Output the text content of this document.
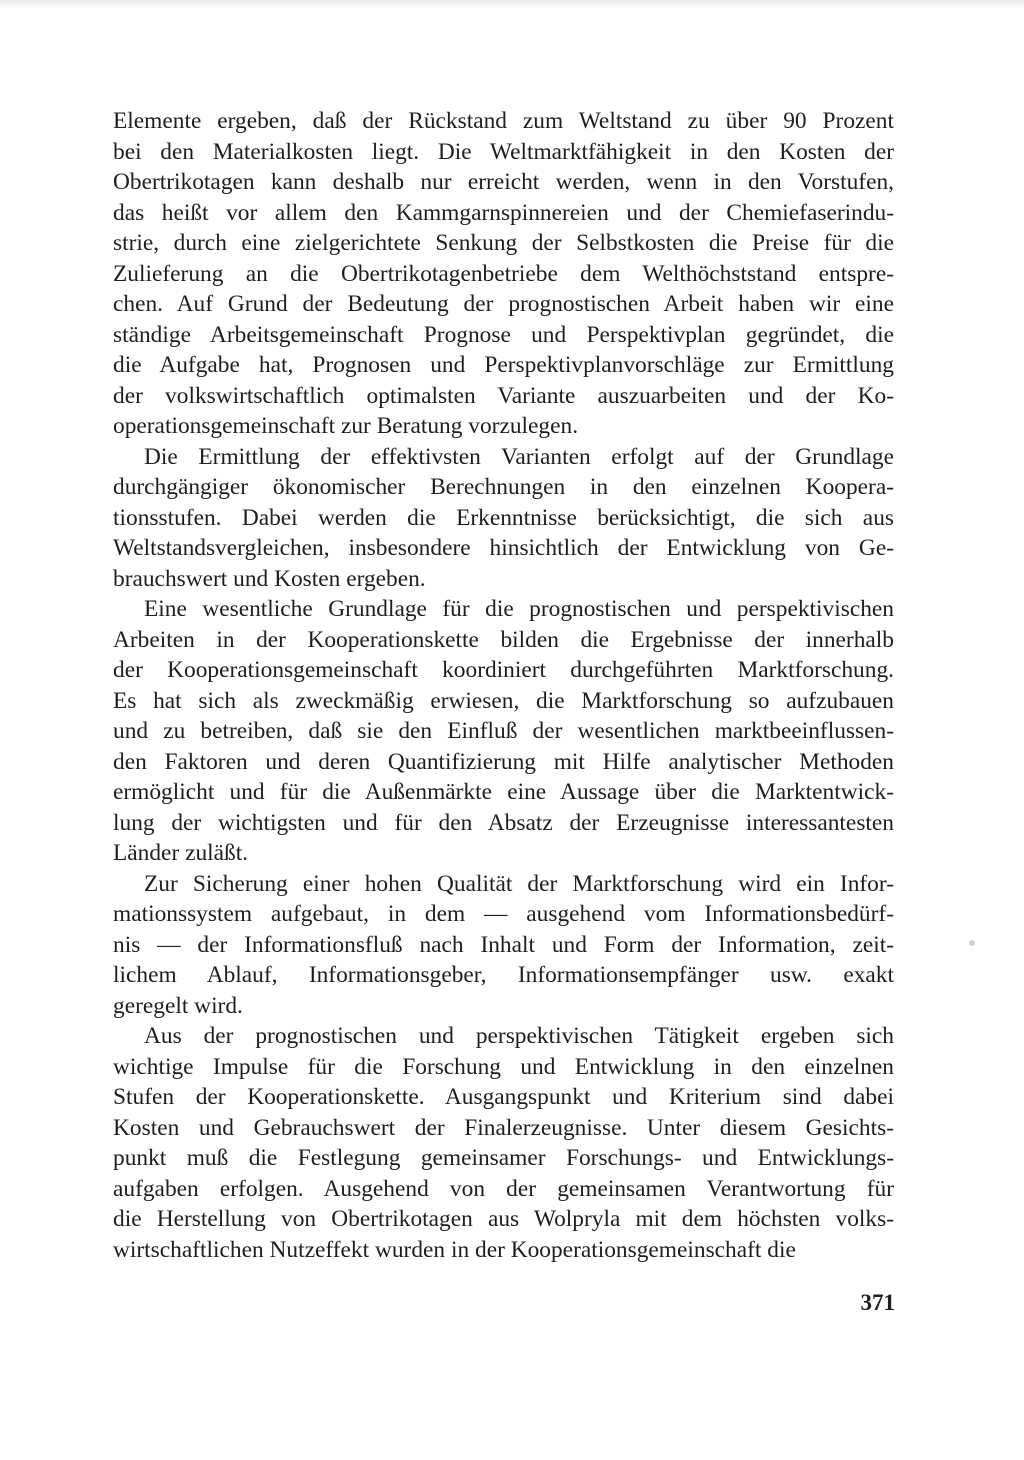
Elemente ergeben, daß der Rückstand zum Weltstand zu über 90 Prozent
bei den Materialkosten liegt. Die Weltmarktfähigkeit in den Kosten der
Obertrikotagen kann deshalb nur erreicht werden, wenn in den Vorstufen,
das heißt vor allem den Kammgarnspinnereien und der Chemiefaserindu-
strie, durch eine zielgerichtete Senkung der Selbstkosten die Preise für die
Zulieferung an die Obertrikotagenbetriebe dem Welthöchststand entspre-
chen. Auf Grund der Bedeutung der prognostischen Arbeit haben wir eine
ständige Arbeitsgemeinschaft Prognose und Perspektivplan gegründet, die
die Aufgabe hat, Prognosen und Perspektivplanvorschläge zur Ermittlung
der volkswirtschaftlich optimalsten Variante auszuarbeiten und der Ko-
operationsgemeinschaft zur Beratung vorzulegen.
Die Ermittlung der effektivsten Varianten erfolgt auf der Grundlage
durchgängiger ökonomischer Berechnungen in den einzelnen Koopera-
tionsstufen. Dabei werden die Erkenntnisse berücksichtigt, die sich aus
Weltstandsvergleichen, insbesondere hinsichtlich der Entwicklung von Ge-
brauchswert und Kosten ergeben.
Eine wesentliche Grundlage für die prognostischen und perspektivischen
Arbeiten in der Kooperationskette bilden die Ergebnisse der innerhalb
der Kooperationsgemeinschaft koordiniert durchgeführten Marktforschung.
Es hat sich als zweckmäßig erwiesen, die Marktforschung so aufzubauen
und zu betreiben, daß sie den Einfluß der wesentlichen marktbeeinflussen-
den Faktoren und deren Quantifizierung mit Hilfe analytischer Methoden
ermöglicht und für die Außenmärkte eine Aussage über die Marktentwick-
lung der wichtigsten und für den Absatz der Erzeugnisse interessantesten
Länder zuläßt.
Zur Sicherung einer hohen Qualität der Marktforschung wird ein Infor-
mationssystem aufgebaut, in dem — ausgehend vom Informationsbedürf-
nis — der Informationsfluß nach Inhalt und Form der Information, zeit-
lichem Ablauf, Informationsgeber, Informationsempfänger usw. exakt
geregelt wird.
Aus der prognostischen und perspektivischen Tätigkeit ergeben sich
wichtige Impulse für die Forschung und Entwicklung in den einzelnen
Stufen der Kooperationskette. Ausgangspunkt und Kriterium sind dabei
Kosten und Gebrauchswert der Finalerzeugnisse. Unter diesem Gesichts-
punkt muß die Festlegung gemeinsamer Forschungs- und Entwicklungs-
aufgaben erfolgen. Ausgehend von der gemeinsamen Verantwortung für
die Herstellung von Obertrikotagen aus Wolpryla mit dem höchsten volks-
wirtschaftlichen Nutzeffekt wurden in der Kooperationsgemeinschaft die
371
